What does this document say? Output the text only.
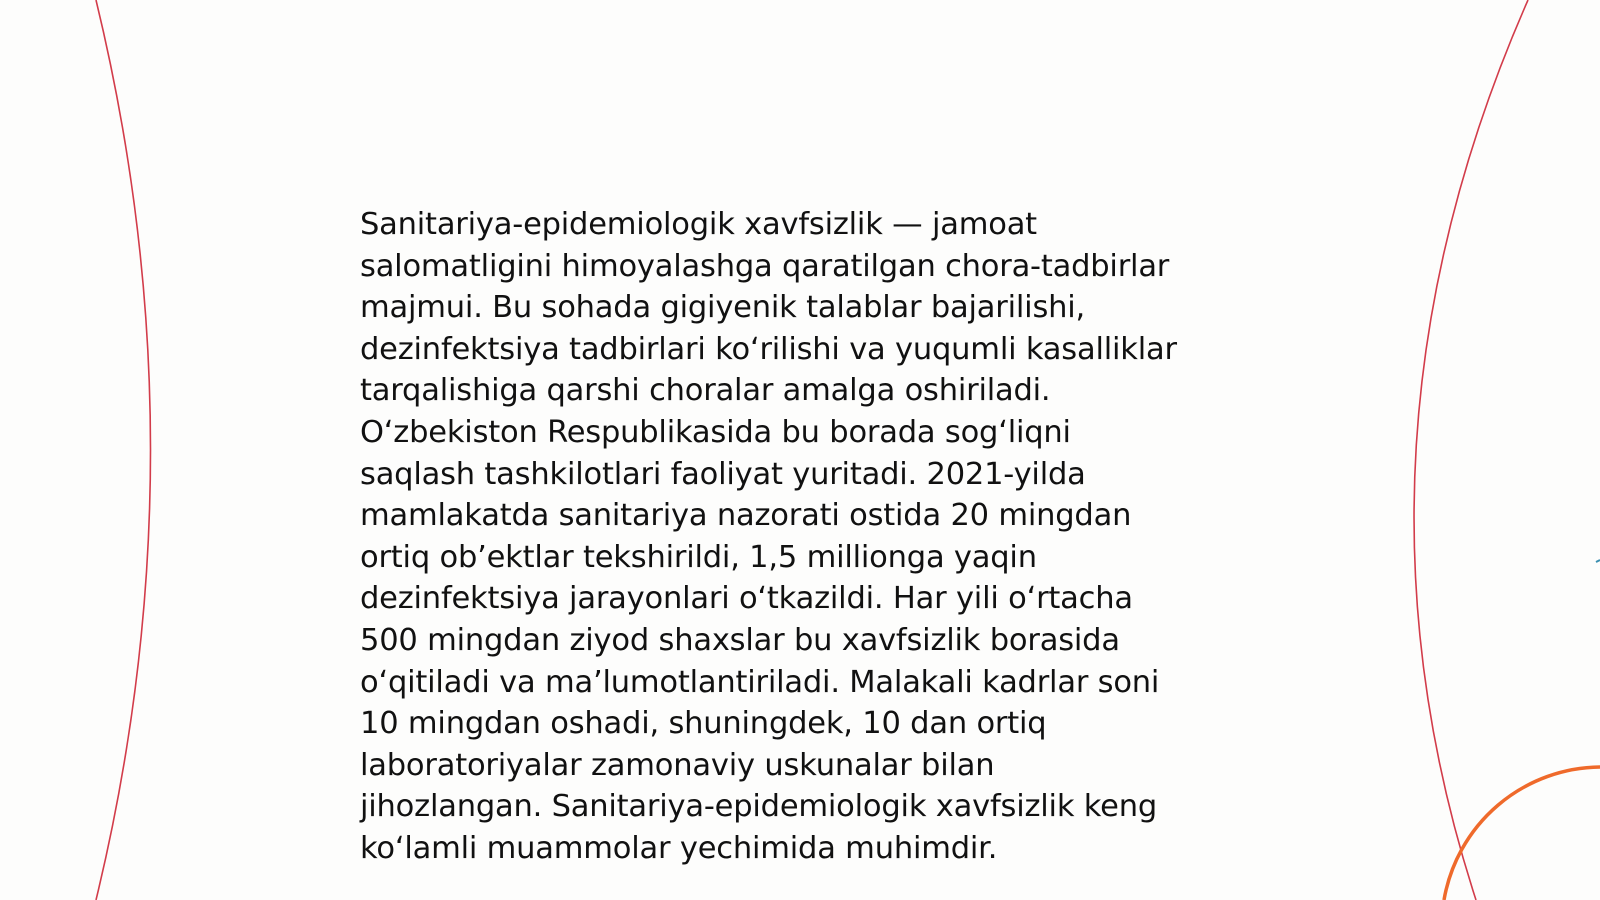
Sanitariya-epidemiologik xavfsizlik — jamoat
salomatligini himoyalashga qaratilgan chora-tadbirlar
majmui. Bu sohada gigiyenik talablar bajarilishi,
dezinfektsiya tadbirlari koʻrilishi va yuqumli kasalliklar
tarqalishiga qarshi choralar amalga oshiriladi.
Oʻzbekiston Respublikasida bu borada sogʻliqni
saqlash tashkilotlari faoliyat yuritadi. 2021-yilda
mamlakatda sanitariya nazorati ostida 20 mingdan
ortiq obʼektlar tekshirildi, 1,5 millionga yaqin
dezinfektsiya jarayonlari oʻtkazildi. Har yili oʻrtacha
500 mingdan ziyod shaxslar bu xavfsizlik borasida
oʻqitiladi va maʼlumotlantiriladi. Malakali kadrlar soni
10 mingdan oshadi, shuningdek, 10 dan ortiq
laboratoriyalar zamonaviy uskunalar bilan
jihozlangan. Sanitariya-epidemiologik xavfsizlik keng
koʻlamli muammolar yechimida muhimdir.
